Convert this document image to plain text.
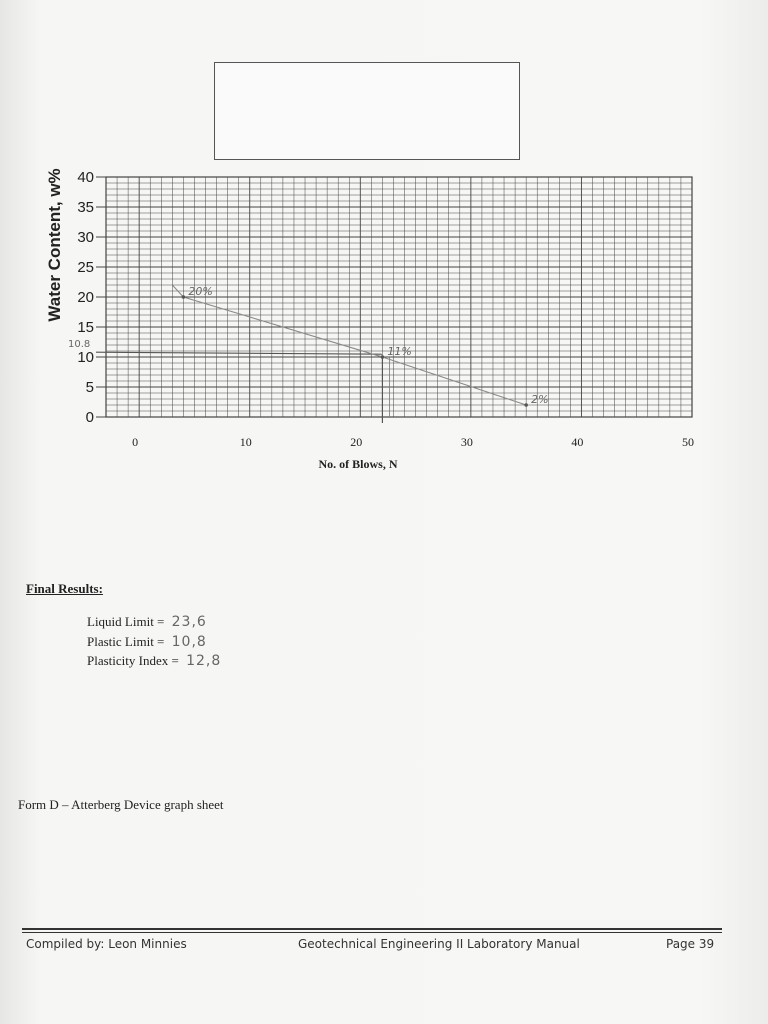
0
5
10
15
20
25
30
35
40
0	10	20	30	40	50
10.8
20%
11%
2%
Water Content, w%
No. of Blows, N
Final Results:
Liquid Limit = 23,6
Plastic Limit = 10,8
Plasticity Index = 12,8
Form D – Atterberg Device graph sheet
Compiled by: Leon Minnies	Geotechnical Engineering II Laboratory Manual	Page 39
